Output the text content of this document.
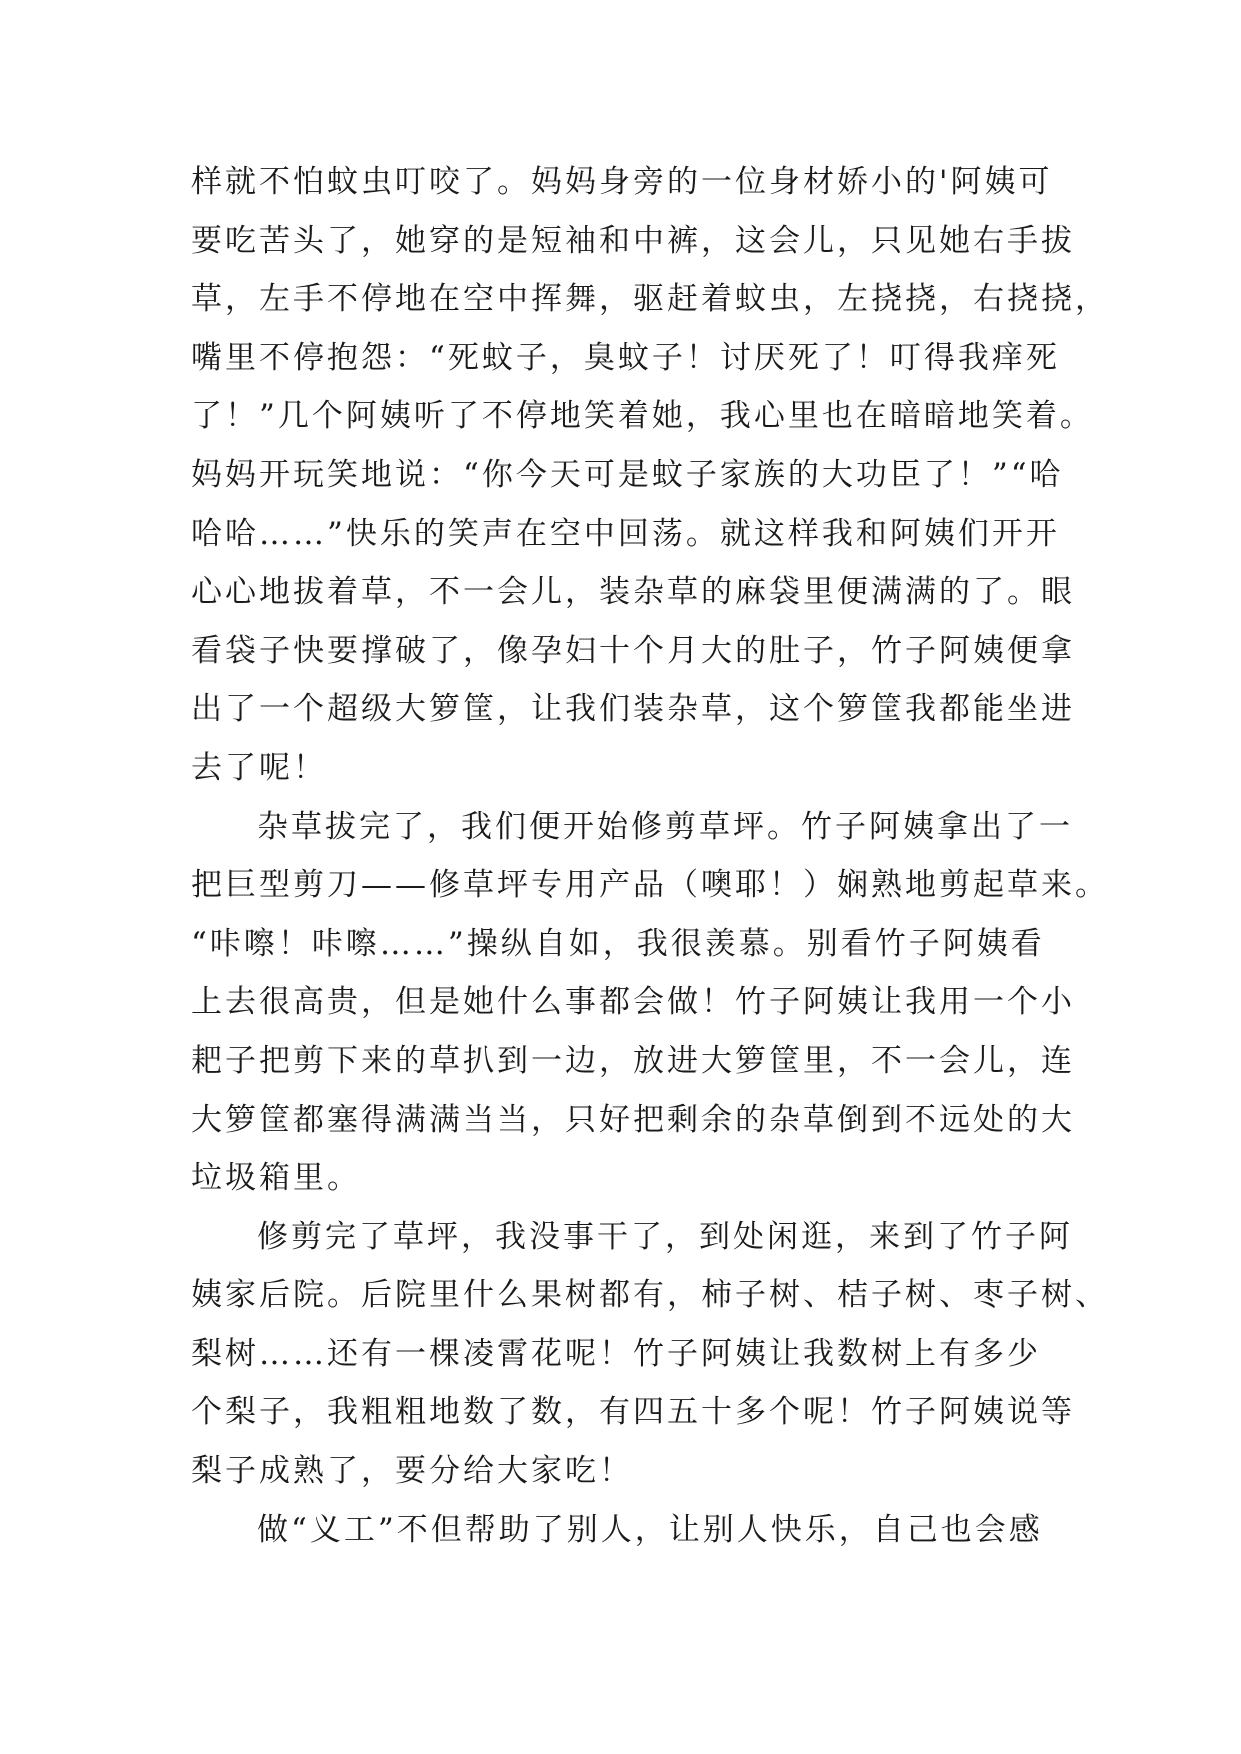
样就不怕蚊虫叮咬了。妈妈身旁的一位身材娇小的'阿姨可
要吃苦头了，她穿的是短袖和中裤，这会儿，只见她右手拔
草，左手不停地在空中挥舞，驱赶着蚊虫，左挠挠，右挠挠，
嘴里不停抱怨：“死蚊子，臭蚊子！讨厌死了！叮得我痒死
了！”几个阿姨听了不停地笑着她，我心里也在暗暗地笑着。
妈妈开玩笑地说：“你今天可是蚊子家族的大功臣了！”“哈
哈哈……”快乐的笑声在空中回荡。就这样我和阿姨们开开
心心地拔着草，不一会儿，装杂草的麻袋里便满满的了。眼
看袋子快要撑破了，像孕妇十个月大的肚子，竹子阿姨便拿
出了一个超级大箩筐，让我们装杂草，这个箩筐我都能坐进
去了呢！
杂草拔完了，我们便开始修剪草坪。竹子阿姨拿出了一
把巨型剪刀——修草坪专用产品（噢耶！）娴熟地剪起草来。
“咔嚓！咔嚓……”操纵自如，我很羡慕。别看竹子阿姨看
上去很高贵，但是她什么事都会做！竹子阿姨让我用一个小
耙子把剪下来的草扒到一边，放进大箩筐里，不一会儿，连
大箩筐都塞得满满当当，只好把剩余的杂草倒到不远处的大
垃圾箱里。
修剪完了草坪，我没事干了，到处闲逛，来到了竹子阿
姨家后院。后院里什么果树都有，柿子树、桔子树、枣子树、
梨树……还有一棵凌霄花呢！竹子阿姨让我数树上有多少
个梨子，我粗粗地数了数，有四五十多个呢！竹子阿姨说等
梨子成熟了，要分给大家吃！
做“义工”不但帮助了别人，让别人快乐，自己也会感
